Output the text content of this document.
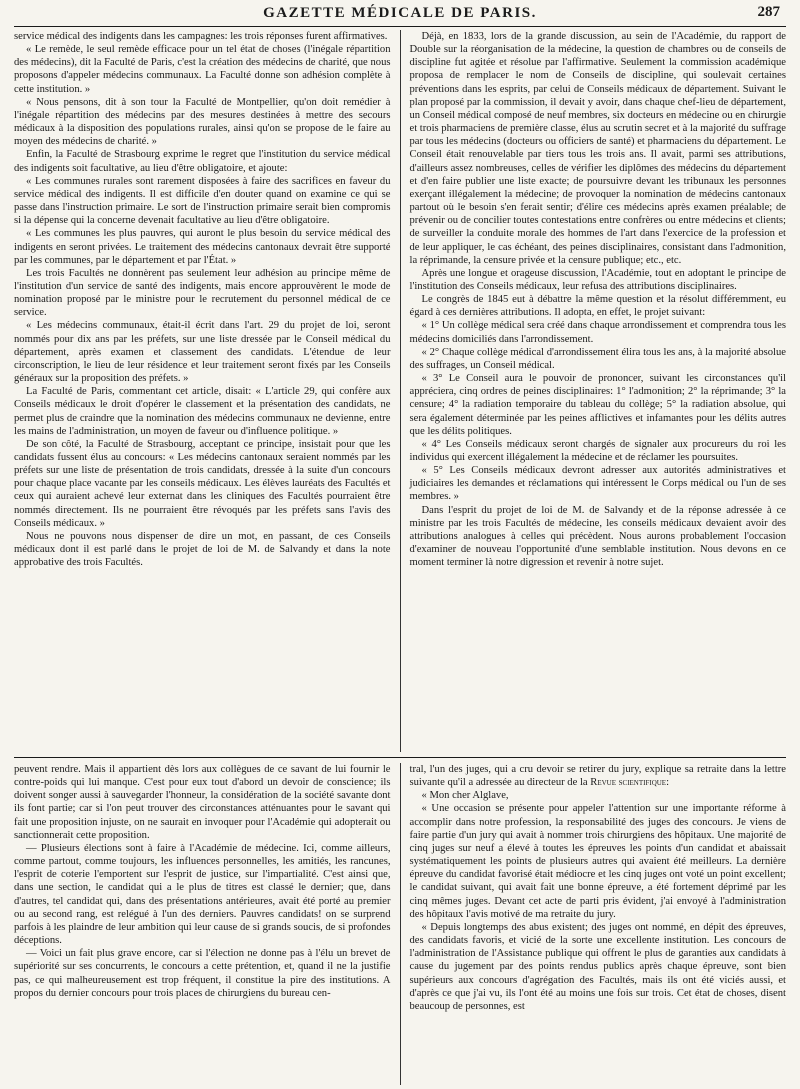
GAZETTE MÉDICALE DE PARIS.	287

service médical des indigents dans les campagnes: les trois réponses furent affirmatives.

« Le remède, le seul remède efficace pour un tel état de choses (l'inégale répartition des médecins), dit la Faculté de Paris, c'est la création des médecins de charité, que nous proposons d'appeler médecins communaux. La Faculté donne son adhésion complète à cette institution. »

« Nous pensons, dit à son tour la Faculté de Montpellier, qu'on doit remédier à l'inégale répartition des médecins par des mesures destinées à mettre des secours médicaux à la disposition des populations rurales, ainsi qu'on se propose de le faire au moyen des médecins de charité. »

Enfin, la Faculté de Strasbourg exprime le regret que l'institution du service médical des indigents soit facultative, au lieu d'être obligatoire, et ajoute:

« Les communes rurales sont rarement disposées à faire des sacrifices en faveur du service médical des indigents. Il est difficile d'en douter quand on examine ce qui se passe dans l'instruction primaire. Le sort de l'instruction primaire serait bien compromis si la dépense qui la concerne devenait facultative au lieu d'être obligatoire.

« Les communes les plus pauvres, qui auront le plus besoin du service médical des indigents en seront privées. Le traitement des médecins cantonaux devrait être supporté par les communes, par le département et par l'État. »

Les trois Facultés ne donnèrent pas seulement leur adhésion au principe même de l'institution d'un service de santé des indigents, mais encore approuvèrent le mode de nomination proposé par le ministre pour le recrutement du personnel médical de ce service.

« Les médecins communaux, était-il écrit dans l'art. 29 du projet de loi, seront nommés pour dix ans par les préfets, sur une liste dressée par le Conseil médical du département, après examen et classement des candidats. L'étendue de leur circonscription, le lieu de leur résidence et leur traitement seront fixés par les Conseils généraux sur la proposition des préfets. »

La Faculté de Paris, commentant cet article, disait: « L'article 29, qui confère aux Conseils médicaux le droit d'opérer le classement et la présentation des candidats, ne permet plus de craindre que la nomination des médecins communaux ne devienne, entre les mains de l'administration, un moyen de faveur ou d'influence politique. »

De son côté, la Faculté de Strasbourg, acceptant ce principe, insistait pour que les candidats fussent élus au concours: « Les médecins cantonaux seraient nommés par les préfets sur une liste de présentation de trois candidats, dressée à la suite d'un concours pour chaque place vacante par les conseils médicaux. Les élèves lauréats des Facultés et ceux qui auraient achevé leur externat dans les cliniques des Facultés pourraient être nommés directement. Ils ne pourraient être révoqués par les préfets sans l'avis des Conseils médicaux. »

Nous ne pouvons nous dispenser de dire un mot, en passant, de ces Conseils médicaux dont il est parlé dans le projet de loi de M. de Salvandy et dans la note approbative des trois Facultés.

Déjà, en 1833, lors de la grande discussion, au sein de l'Académie, du rapport de Double sur la réorganisation de la médecine, la question de chambres ou de conseils de discipline fut agitée et résolue par l'affirmative. Seulement la commission académique proposa de remplacer le nom de Conseils de discipline, qui soulevait certaines préventions dans les esprits, par celui de Conseils médicaux de département. Suivant le plan proposé par la commission, il devait y avoir, dans chaque chef-lieu de département, un Conseil médical composé de neuf membres, six docteurs en médecine ou en chirurgie et trois pharmaciens de première classe, élus au scrutin secret et à la majorité du suffrage par tous les médecins (docteurs ou officiers de santé) et pharmaciens du département. Le Conseil était renouvelable par tiers tous les trois ans. Il avait, parmi ses attributions, d'ailleurs assez nombreuses, celles de vérifier les diplômes des médecins du département et d'en faire publier une liste exacte; de poursuivre devant les tribunaux les personnes exerçant illégalement la médecine; de provoquer la nomination de médecins cantonaux partout où le besoin s'en ferait sentir; d'élire ces médecins après examen préalable; de prévenir ou de concilier toutes contestations entre confrères ou entre médecins et clients; de surveiller la conduite morale des hommes de l'art dans l'exercice de la profession et de leur appliquer, le cas échéant, des peines disciplinaires, consistant dans l'admonition, la réprimande, la censure privée et la censure publique; etc., etc.

Après une longue et orageuse discussion, l'Académie, tout en adoptant le principe de l'institution des Conseils médicaux, leur refusa des attributions disciplinaires.

Le congrès de 1845 eut à débattre la même question et la résolut différemment, eu égard à ces dernières attributions. Il adopta, en effet, le projet suivant:

« 1° Un collège médical sera créé dans chaque arrondissement et comprendra tous les médecins domiciliés dans l'arrondissement.

« 2° Chaque collège médical d'arrondissement élira tous les ans, à la majorité absolue des suffrages, un Conseil médical.

« 3° Le Conseil aura le pouvoir de prononcer, suivant les circonstances qu'il appréciera, cinq ordres de peines disciplinaires: 1° l'admonition; 2° la réprimande; 3° la censure; 4° la radiation temporaire du tableau du collège; 5° la radiation absolue, qui sera également déterminée par les peines afflictives et infamantes pour les délits autres que les délits politiques.

« 4° Les Conseils médicaux seront chargés de signaler aux procureurs du roi les individus qui exercent illégalement la médecine et de réclamer les poursuites.

« 5° Les Conseils médicaux devront adresser aux autorités administratives et judiciaires les demandes et réclamations qui intéressent le Corps médical ou l'un de ses membres. »

Dans l'esprit du projet de loi de M. de Salvandy et de la réponse adressée à ce ministre par les trois Facultés de médecine, les conseils médicaux devaient avoir des attributions analogues à celles qui précèdent. Nous aurons probablement l'occasion d'examiner de nouveau l'opportunité d'une semblable institution. Nous devons en ce moment terminer là notre digression et revenir à notre sujet.

peuvent rendre. Mais il appartient dès lors aux collègues de ce savant de lui fournir le contre-poids qui lui manque. C'est pour eux tout d'abord un devoir de conscience; ils doivent songer aussi à sauvegarder l'honneur, la considération de la société savante dont ils font partie; car si l'on peut trouver des circonstances atténuantes pour le savant qui fait une proposition injuste, on ne saurait en invoquer pour l'Académie qui adopterait ou sanctionnerait cette proposition.

— Plusieurs élections sont à faire à l'Académie de médecine. Ici, comme ailleurs, comme partout, comme toujours, les influences personnelles, les amitiés, les rancunes, l'esprit de coterie l'emportent sur l'esprit de justice, sur l'impartialité. C'est ainsi que, dans une section, le candidat qui a le plus de titres est classé le dernier; que, dans d'autres, tel candidat qui, dans des présentations antérieures, avait été porté au premier ou au second rang, est relégué à l'un des derniers. Pauvres candidats! on se surprend parfois à les plaindre de leur ambition qui leur cause de si grands soucis, de si profondes déceptions.

— Voici un fait plus grave encore, car si l'élection ne donne pas à l'élu un brevet de supériorité sur ses concurrents, le concours a cette prétention, et, quand il ne la justifie pas, ce qui malheureusement est trop fréquent, il constitue la pire des institutions. A propos du dernier concours pour trois places de chirurgiens du bureau cen-

tral, l'un des juges, qui a cru devoir se retirer du jury, explique sa retraite dans la lettre suivante qu'il a adressée au directeur de la Revue scientifique:

« Mon cher Alglave,

« Une occasion se présente pour appeler l'attention sur une importante réforme à accomplir dans notre profession, la responsabilité des juges des concours. Je viens de faire partie d'un jury qui avait à nommer trois chirurgiens des hôpitaux. Une majorité de cinq juges sur neuf a élevé à toutes les épreuves les points d'un candidat et abaissait systématiquement les points de plusieurs autres qui avaient été meilleurs. La dernière épreuve du candidat favorisé était médiocre et les cinq juges ont voté un point excellent; le candidat suivant, qui avait fait une bonne épreuve, a été fortement déprimé par les cinq mêmes juges. Devant cet acte de parti pris évident, j'ai envoyé à l'administration des hôpitaux l'avis motivé de ma retraite du jury.

« Depuis longtemps des abus existent; des juges ont nommé, en dépit des épreuves, des candidats favoris, et vicié de la sorte une excellente institution. Les concours de l'administration de l'Assistance publique qui offrent le plus de garanties aux candidats à cause du jugement par des points rendus publics après chaque épreuve, sont bien supérieurs aux concours d'agrégation des Facultés, mais ils ont été viciés aussi, et d'après ce que j'ai vu, ils l'ont été au moins une fois sur trois. Cet état de choses, disent beaucoup de personnes, est
